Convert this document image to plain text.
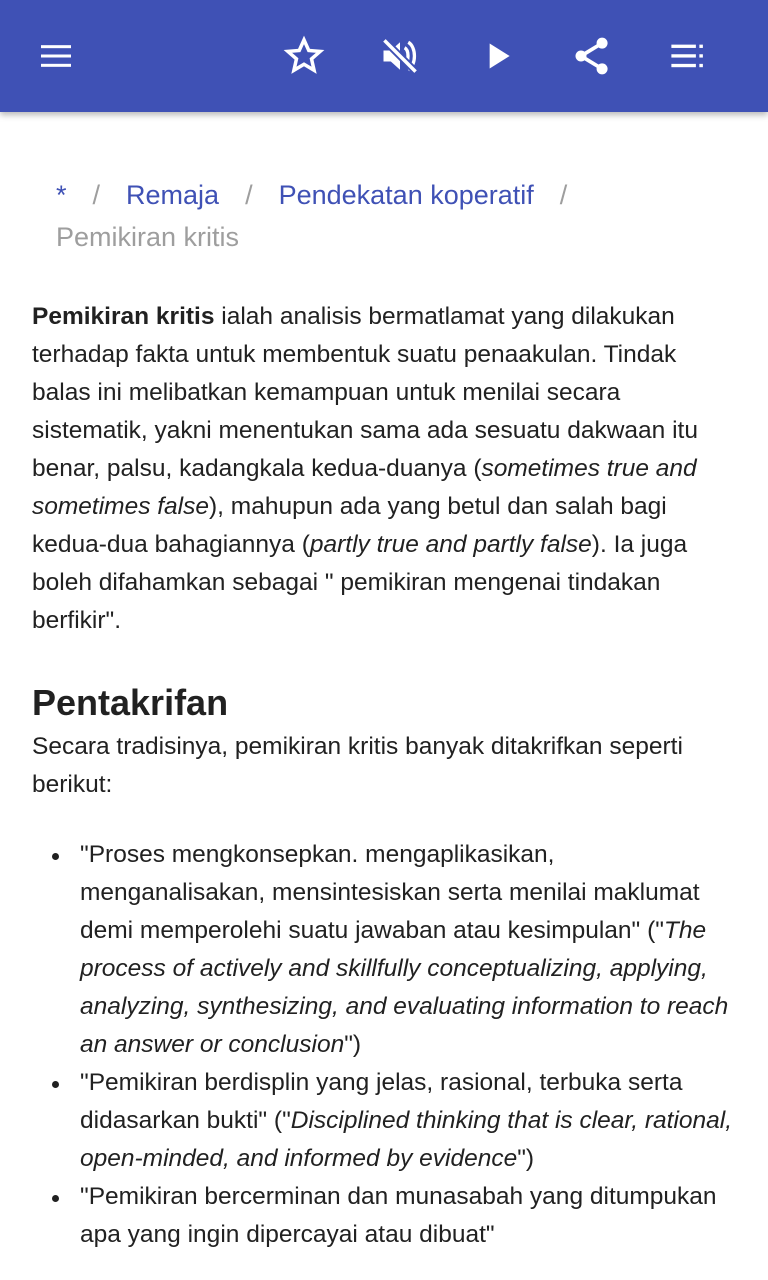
* / Remaja / Pendekatan koperatif /
Pemikiran kritis

Pemikiran kritis ialah analisis bermatlamat yang dilakukan terhadap fakta untuk membentuk suatu penaakulan. Tindak balas ini melibatkan kemampuan untuk menilai secara sistematik, yakni menentukan sama ada sesuatu dakwaan itu benar, palsu, kadangkala kedua-duanya (sometimes true and sometimes false), mahupun ada yang betul dan salah bagi kedua-dua bahagiannya (partly true and partly false). Ia juga boleh difahamkan sebagai " pemikiran mengenai tindakan berfikir".

Pentakrifan

Secara tradisinya, pemikiran kritis banyak ditakrifkan seperti berikut:

"Proses mengkonsepkan. mengaplikasikan, menganalisakan, mensintesiskan serta menilai maklumat demi memperolehi suatu jawaban atau kesimpulan" ("The process of actively and skillfully conceptualizing, applying, analyzing, synthesizing, and evaluating information to reach an answer or conclusion")
"Pemikiran berdisplin yang jelas, rasional, terbuka serta didasarkan bukti" ("Disciplined thinking that is clear, rational, open-minded, and informed by evidence")
"Pemikiran bercerminan dan munasabah yang ditumpukan apa yang ingin dipercayai atau dibuat"
